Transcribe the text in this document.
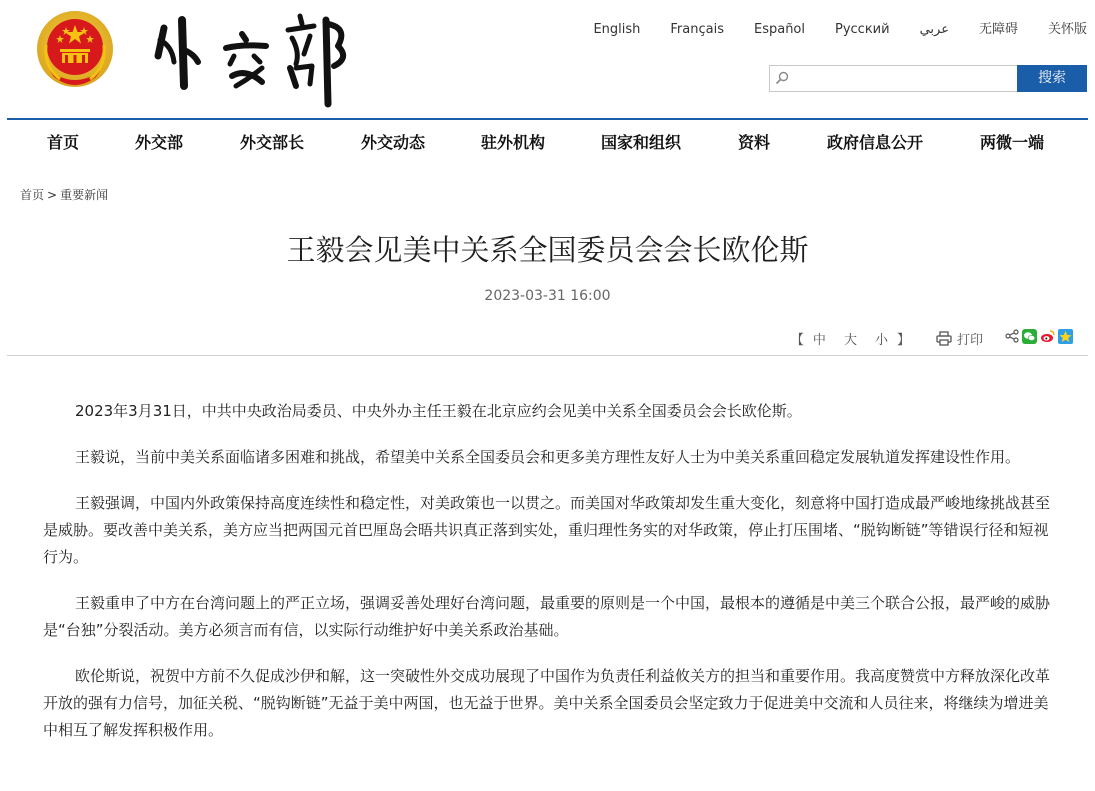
English Français Español Русский عربي 无障碍 关怀版
搜索
首页	外交部	外交部长	外交动态	驻外机构	国家和组织	资料	政府信息公开	两微一端
首页 > 重要新闻
王毅会见美中关系全国委员会会长欧伦斯
2023-03-31 16:00
【 中 大 小 】	打印

2023年3月31日，中共中央政治局委员、中央外办主任王毅在北京应约会见美中关系全国委员会会长欧伦斯。

王毅说，当前中美关系面临诸多困难和挑战，希望美中关系全国委员会和更多美方理性友好人士为中美关系重回稳定发展轨道发挥建设性作用。

王毅强调，中国内外政策保持高度连续性和稳定性，对美政策也一以贯之。而美国对华政策却发生重大变化，刻意将中国打造成最严峻地缘挑战甚至是威胁。要改善中美关系，美方应当把两国元首巴厘岛会晤共识真正落到实处，重归理性务实的对华政策，停止打压围堵、“脱钩断链”等错误行径和短视行为。

王毅重申了中方在台湾问题上的严正立场，强调妥善处理好台湾问题，最重要的原则是一个中国，最根本的遵循是中美三个联合公报，最严峻的威胁是“台独”分裂活动。美方必须言而有信，以实际行动维护好中美关系政治基础。

欧伦斯说，祝贺中方前不久促成沙伊和解，这一突破性外交成功展现了中国作为负责任利益攸关方的担当和重要作用。我高度赞赏中方释放深化改革开放的强有力信号，加征关税、“脱钩断链”无益于美中两国，也无益于世界。美中关系全国委员会坚定致力于促进美中交流和人员往来，将继续为增进美中相互了解发挥积极作用。
